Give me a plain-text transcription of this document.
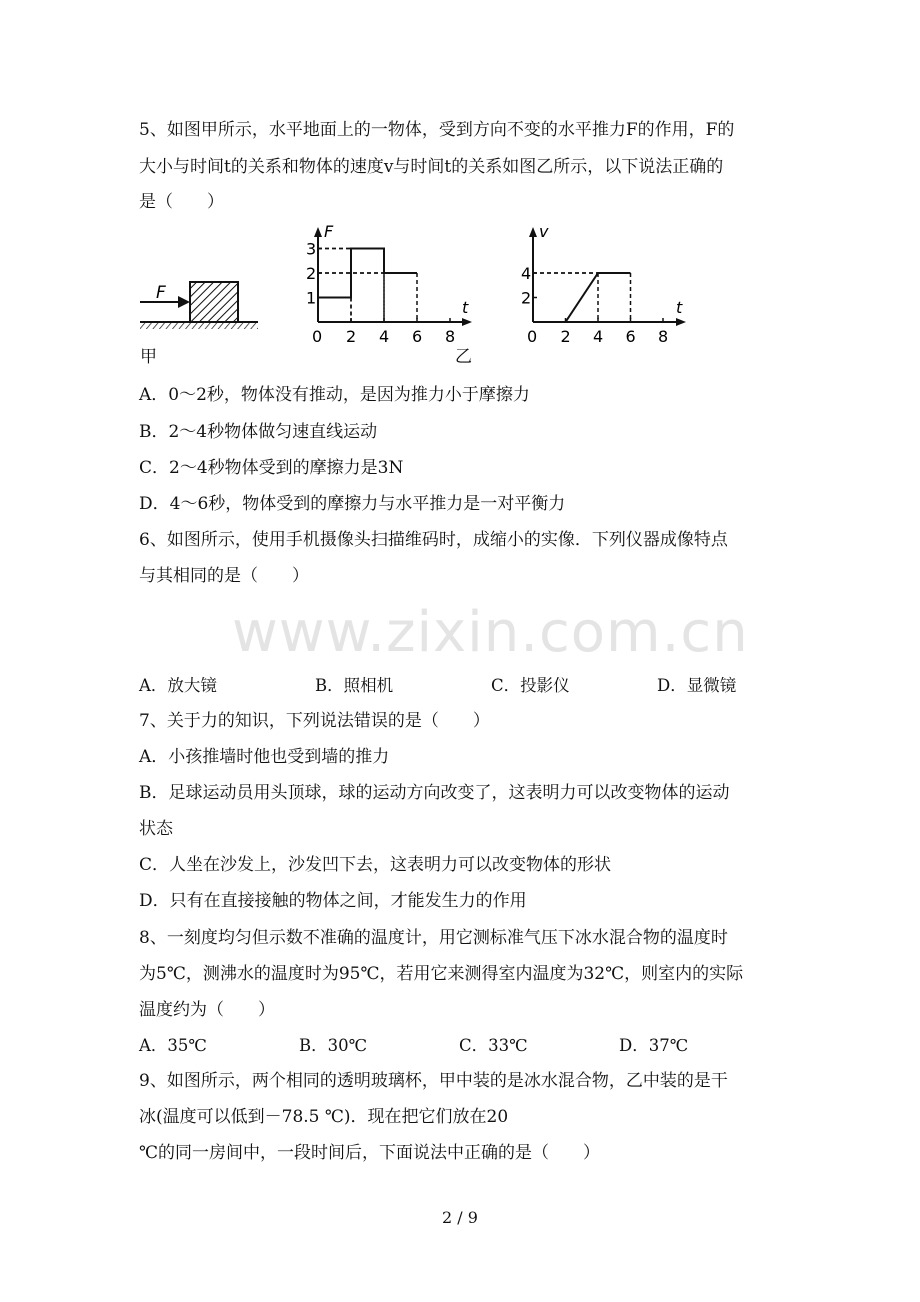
5、如图甲所示，水平地面上的一物体，受到方向不变的水平推力F的作用，F的
大小与时间t的关系和物体的速度v与时间t的关系如图乙所示，以下说法正确的
是（　　）
F
F
t
0 2 4 6 8
1
2
3
v
t
0 2 4 6 8
2
4
甲	乙
A．0～2秒，物体没有推动，是因为推力小于摩擦力
B．2～4秒物体做匀速直线运动
C．2～4秒物体受到的摩擦力是3N
D．4～6秒，物体受到的摩擦力与水平推力是一对平衡力
6、如图所示，使用手机摄像头扫描维码时，成缩小的实像．下列仪器成像特点
与其相同的是（　　）
www.zixin.com.cn
A．放大镜	B．照相机	C．投影仪	D．显微镜
7、关于力的知识，下列说法错误的是（　　）
A．小孩推墙时他也受到墙的推力
B．足球运动员用头顶球，球的运动方向改变了，这表明力可以改变物体的运动
状态
C．人坐在沙发上，沙发凹下去，这表明力可以改变物体的形状
D．只有在直接接触的物体之间，才能发生力的作用
8、一刻度均匀但示数不准确的温度计，用它测标准气压下冰水混合物的温度时
为5℃，测沸水的温度时为95℃，若用它来测得室内温度为32℃，则室内的实际
温度约为（　　）
A．35℃	B．30℃	C．33℃	D．37℃
9、如图所示，两个相同的透明玻璃杯，甲中装的是冰水混合物，乙中装的是干
冰(温度可以低到－78.5 ℃)．现在把它们放在20
℃的同一房间中，一段时间后，下面说法中正确的是（　　）
2 / 9
